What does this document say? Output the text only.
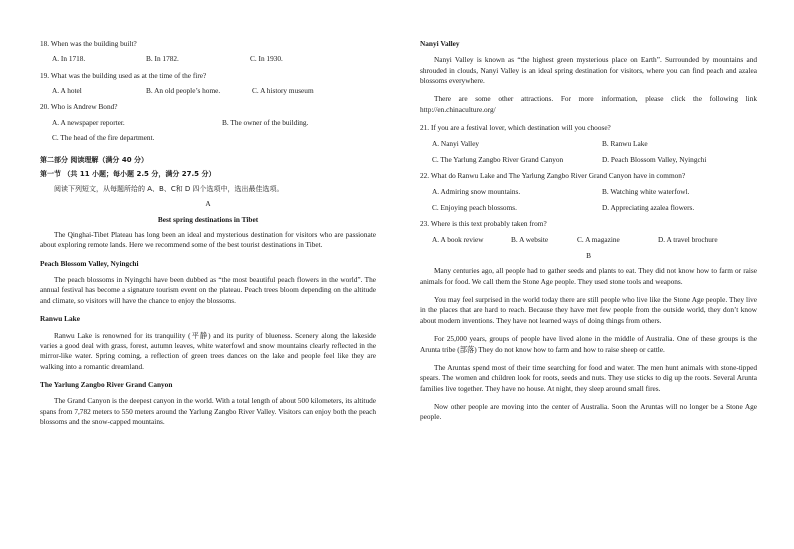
18. When was the building built?
A. In 1718.	B. In 1782.	C. In 1930.
19. What was the building used as at the time of the fire?
A. A hotel	B. An old people’s home.	C. A history museum
20. Who is Andrew Bond?
A. A newspaper reporter.	B. The owner of the building.
C. The head of the fire department.
第二部分 阅读理解（满分 40 分）
第一节 （共 11 小题；每小题 2.5 分，满分 27.5 分）
阅读下列短文，从每题所给的 A、B、C和 D 四个选项中，选出最佳选项。
A
Best spring destinations in Tibet
The Qinghai-Tibet Plateau has long been an ideal and mysterious destination for visitors who are passionate about exploring remote lands. Here we recommend some of the best tourist destinations in Tibet.
Peach Blossom Valley, Nyingchi
The peach blossoms in Nyingchi have been dubbed as “the most beautiful peach flowers in the world”. The annual festival has become a signature tourism event on the plateau. Peach trees bloom depending on the altitude and climate, so visitors will have the chance to enjoy the blossoms.
Ranwu Lake
Ranwu Lake is renowned for its tranquility (平静) and its purity of blueness. Scenery along the lakeside varies a good deal with grass, forest, autumn leaves, white waterfowl and snow mountains clearly reflected in the mirror-like water. Spring coming, a reflection of green trees dances on the lake and people feel like they are walking into a romantic dreamland.
The Yarlung Zangbo River Grand Canyon
The Grand Canyon is the deepest canyon in the world. With a total length of about 500 kilometers, its altitude spans from 7,782 meters to 550 meters around the Yarlung Zangbo River Valley. Visitors can enjoy both the peach blossoms and the snow-capped mountains.
Nanyi Valley
Nanyi Valley is known as “the highest green mysterious place on Earth”. Surrounded by mountains and shrouded in clouds, Nanyi Valley is an ideal spring destination for visitors, where you can find peach and azalea blossoms everywhere.
There are some other attractions. For more information, please click the following link http://en.chinaculture.org/
21. If you are a festival lover, which destination will you choose?
A. Nanyi Valley	B. Ranwu Lake
C. The Yarlung Zangbo River Grand Canyon	D. Peach Blossom Valley, Nyingchi
22. What do Ranwu Lake and The Yarlung Zangbo River Grand Canyon have in common?
A. Admiring snow mountains.	B. Watching white waterfowl.
C. Enjoying peach blossoms.	D. Appreciating azalea flowers.
23. Where is this text probably taken from?
A. A book review	B. A website	C. A magazine	D. A travel brochure
B
Many centuries ago, all people had to gather seeds and plants to eat. They did not know how to farm or raise animals for food. We call them the Stone Age people. They used stone tools and weapons.
You may feel surprised in the world today there are still people who live like the Stone Age people. They live in the places that are hard to reach. Because they have met few people from the outside world, they don’t know about modern inventions. They have not learned ways of doing things from others.
For 25,000 years, groups of people have lived alone in the middle of Australia. One of these groups is the Arunta tribe (部落) They do not know how to farm and how to raise sheep or cattle.
The Aruntas spend most of their time searching for food and water. The men hunt animals with stone-tipped spears. The women and children look for roots, seeds and nuts. They use sticks to dig up the roots. Several Arunta families live together. They have no house. At night, they sleep around small fires.
Now other people are moving into the center of Australia. Soon the Aruntas will no longer be a Stone Age people.
